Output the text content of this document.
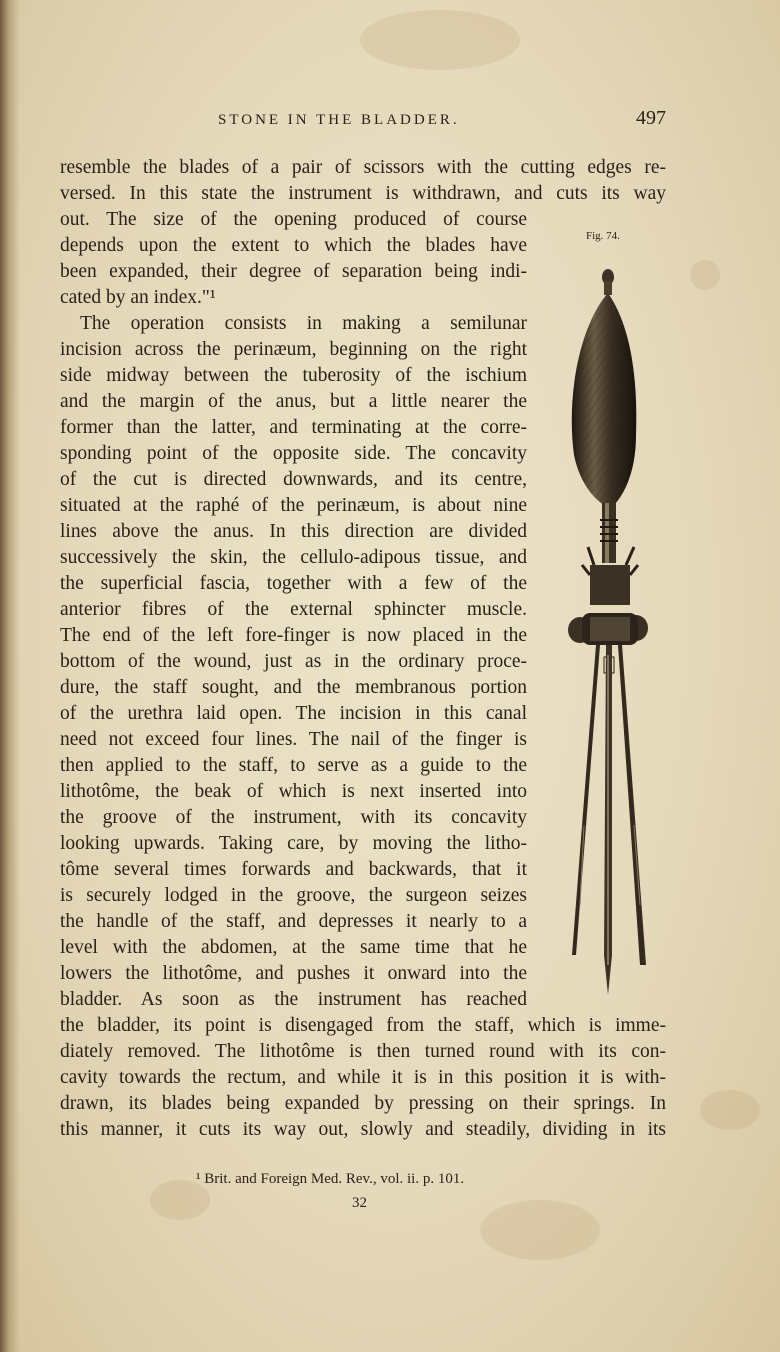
STONE IN THE BLADDER.	497
resemble the blades of a pair of scissors with the cutting edges re-
versed. In this state the instrument is withdrawn, and cuts its way
out. The size of the opening produced of course
depends upon the extent to which the blades have
been expanded, their degree of separation being indi-
cated by an index."¹
The operation consists in making a semilunar
incision across the perinæum, beginning on the right
side midway between the tuberosity of the ischium
and the margin of the anus, but a little nearer the
former than the latter, and terminating at the corre-
sponding point of the opposite side. The concavity
of the cut is directed downwards, and its centre,
situated at the raphé of the perinæum, is about nine
lines above the anus. In this direction are divided
successively the skin, the cellulo-adipous tissue, and
the superficial fascia, together with a few of the
anterior fibres of the external sphincter muscle.
The end of the left fore-finger is now placed in the
bottom of the wound, just as in the ordinary proce-
dure, the staff sought, and the membranous portion
of the urethra laid open. The incision in this canal
need not exceed four lines. The nail of the finger is
then applied to the staff, to serve as a guide to the
lithotôme, the beak of which is next inserted into
the groove of the instrument, with its concavity
looking upwards. Taking care, by moving the litho-
tôme several times forwards and backwards, that it
is securely lodged in the groove, the surgeon seizes
the handle of the staff, and depresses it nearly to a
level with the abdomen, at the same time that he
lowers the lithotôme, and pushes it onward into the
bladder. As soon as the instrument has reached
the bladder, its point is disengaged from the staff, which is imme-
diately removed. The lithotôme is then turned round with its con-
cavity towards the rectum, and while it is in this position it is with-
drawn, its blades being expanded by pressing on their springs. In
this manner, it cuts its way out, slowly and steadily, dividing in its
Fig. 74.
¹ Brit. and Foreign Med. Rev., vol. ii. p. 101.
32
